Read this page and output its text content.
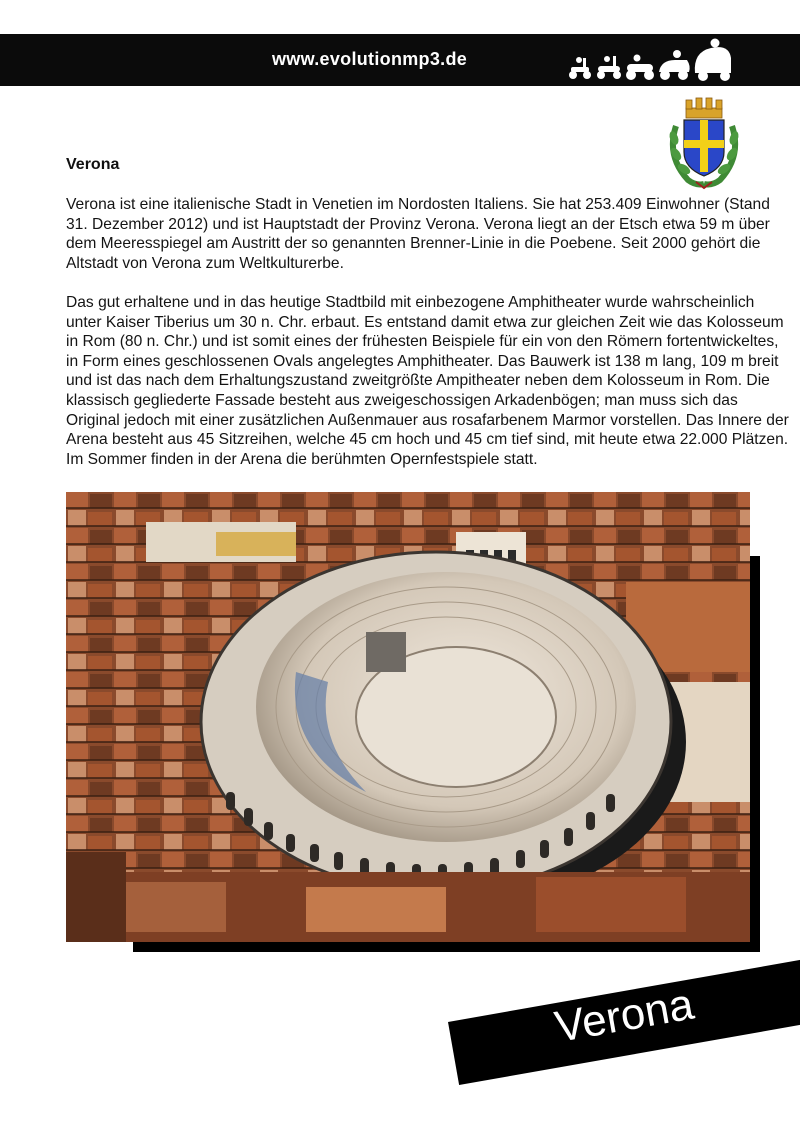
www.evolutionmp3.de
Verona

Verona ist eine italienische Stadt in Venetien im Nordosten Italiens. Sie hat 253.409 Einwohner (Stand 31. Dezember 2012) und ist Hauptstadt der Provinz Verona. Verona liegt an der Etsch etwa 59 m über dem Meeresspiegel am Austritt der so genannten Brenner-Linie in die Poebene. Seit 2000 gehört die Altstadt von Verona zum Weltkulturerbe.

Das gut erhaltene und in das heutige Stadtbild mit einbezogene Amphitheater wurde wahrscheinlich unter Kaiser Tiberius um 30 n. Chr. erbaut. Es entstand damit etwa zur gleichen Zeit wie das Kolosseum in Rom (80 n. Chr.) und ist somit eines der frühesten Beispiele für ein von den Römern fortentwickeltes, in Form eines geschlossenen Ovals angelegtes Amphitheater. Das Bauwerk ist 138 m lang, 109 m breit und ist das nach dem Erhaltungszustand zweitgrößte Ampitheater neben dem Kolosseum in Rom. Die klassisch gegliederte Fassade besteht aus zweigeschossigen Arkadenbögen; man muss sich das Original jedoch mit einer zusätzlichen Außenmauer aus rosafarbenem Marmor vorstellen. Das Innere der Arena besteht aus 45 Sitzreihen, welche 45 cm hoch und 45 cm tief sind, mit heute etwa 22.000 Plätzen. Im Sommer finden in der Arena die berühmten Opernfestspiele statt.

Verona
